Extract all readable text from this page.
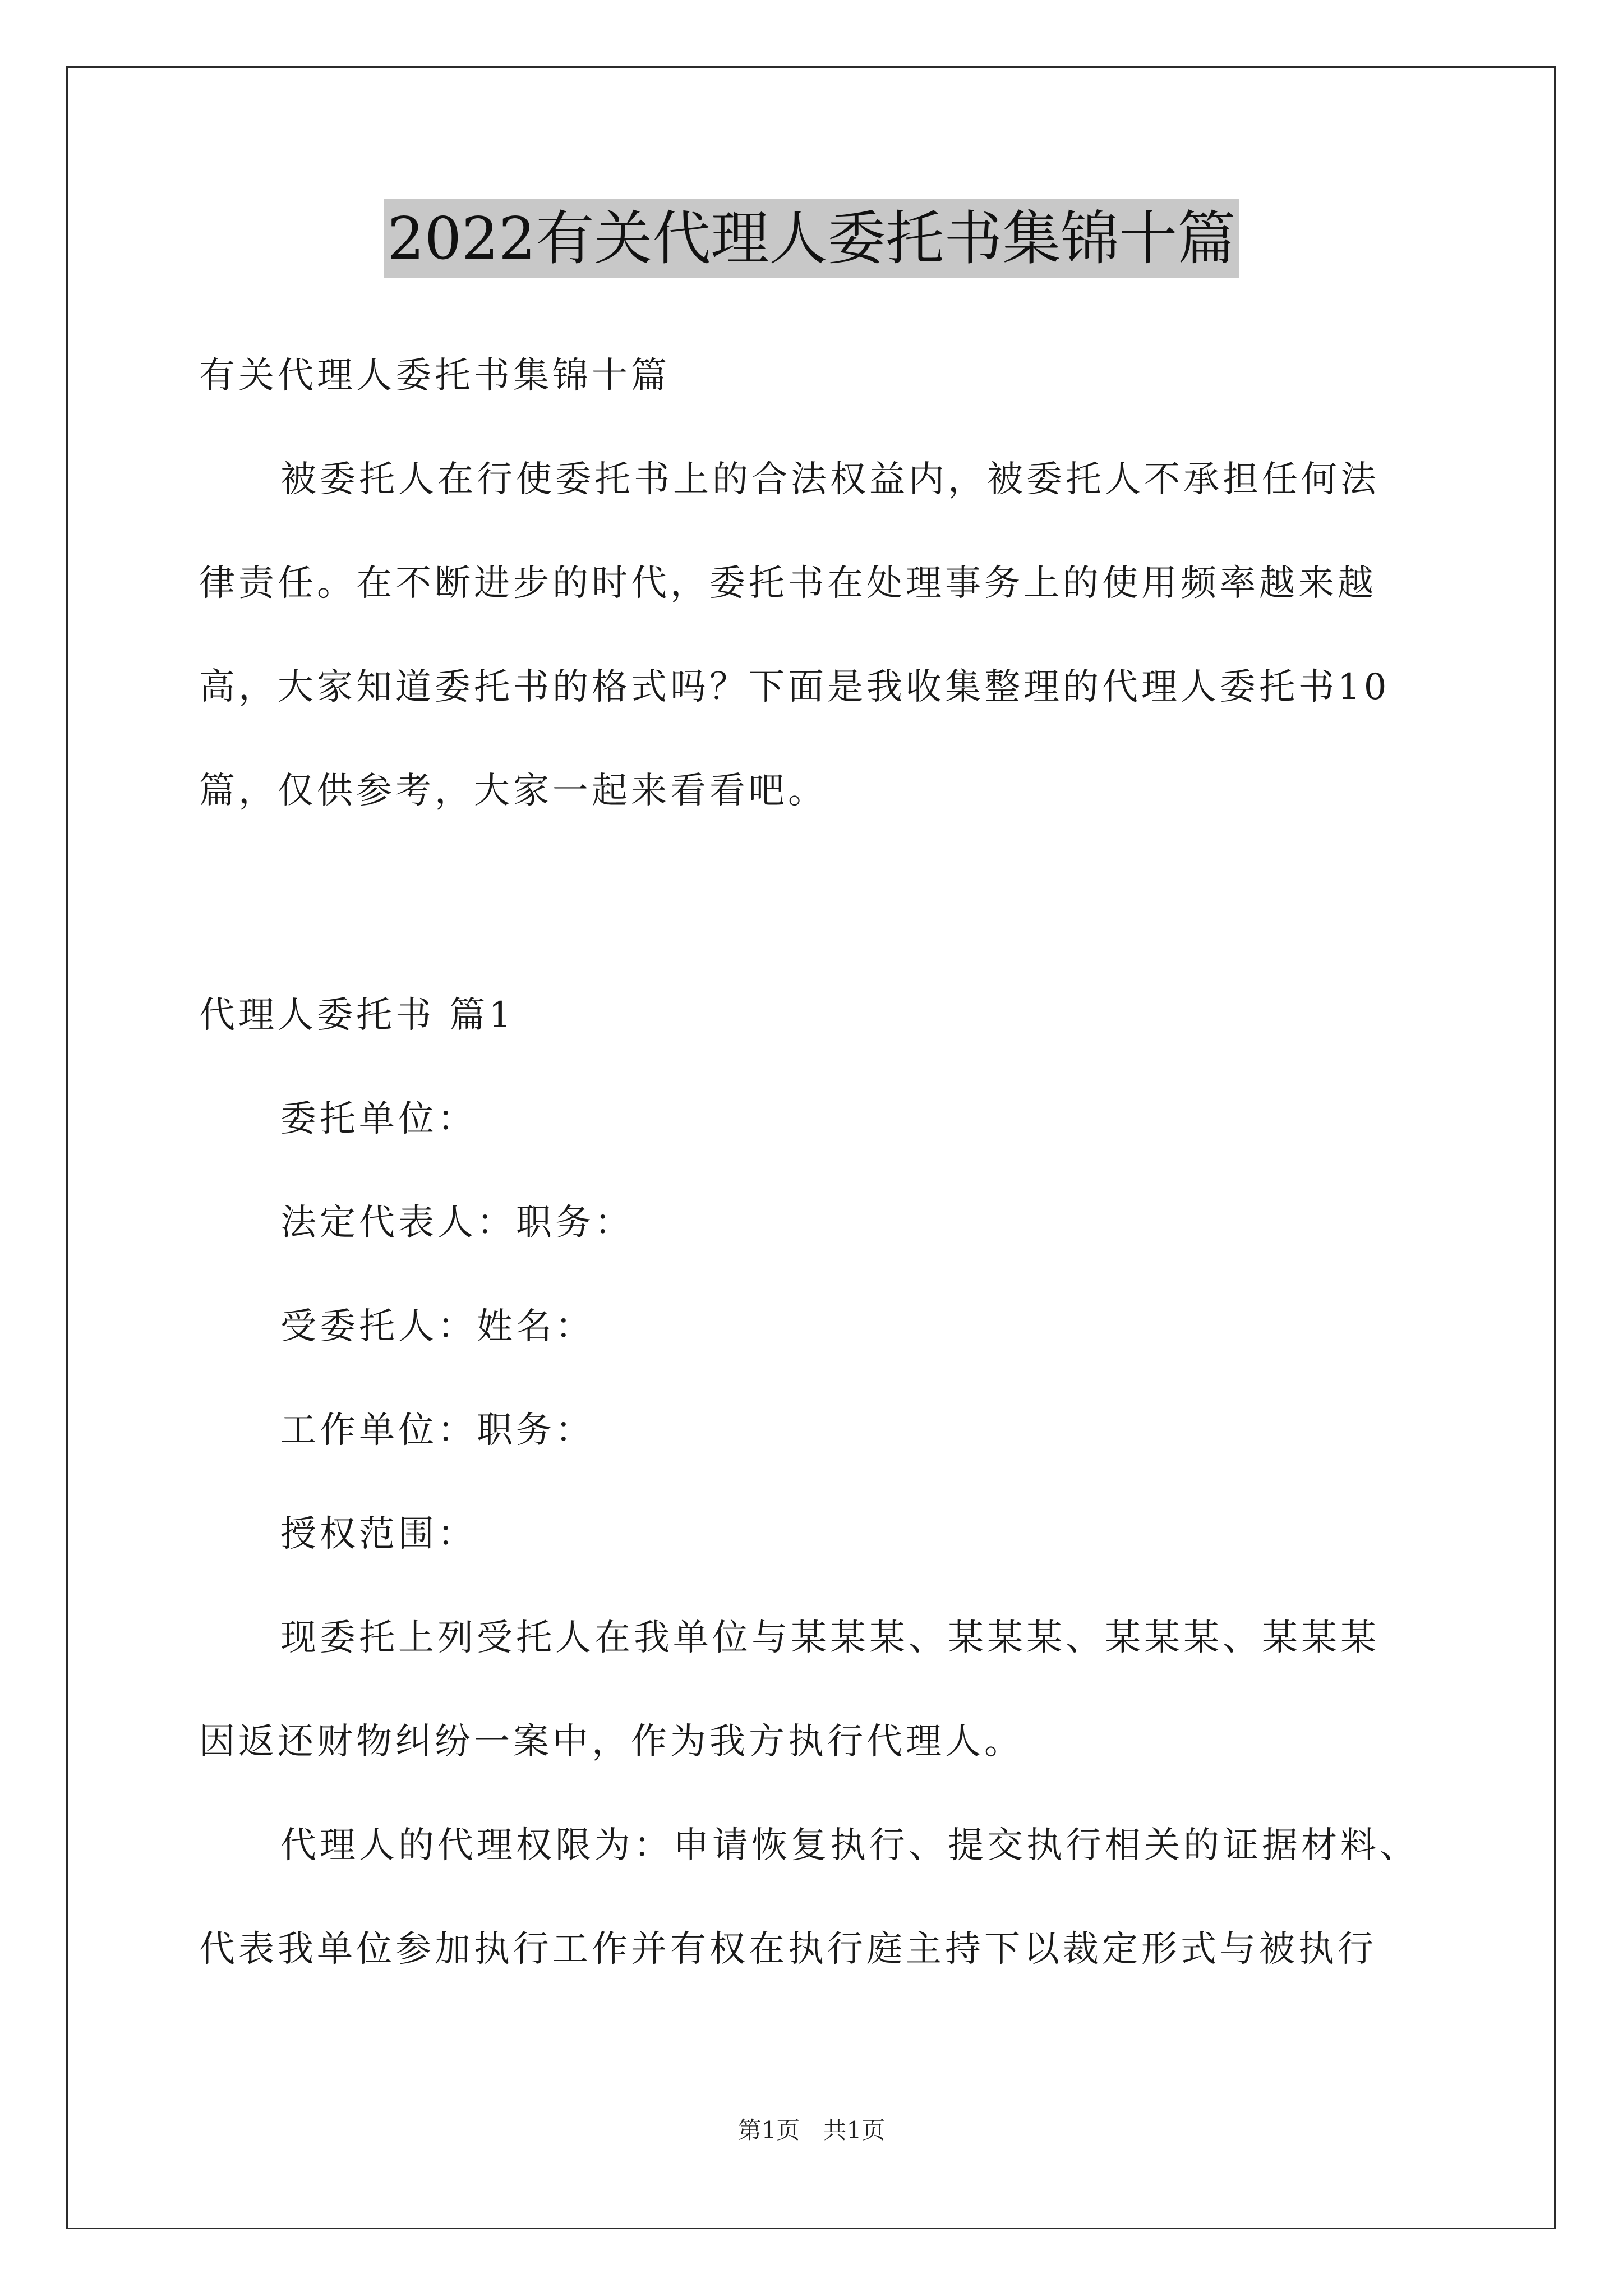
2022有关代理人委托书集锦十篇
有关代理人委托书集锦十篇
被委托人在行使委托书上的合法权益内，被委托人不承担任何法
律责任。在不断进步的时代，委托书在处理事务上的使用频率越来越
高，大家知道委托书的格式吗？下面是我收集整理的代理人委托书10
篇，仅供参考，大家一起来看看吧。
代理人委托书 篇1
委托单位：
法定代表人：职务：
受委托人：姓名：
工作单位：职务：
授权范围：
现委托上列受托人在我单位与某某某、某某某、某某某、某某某
因返还财物纠纷一案中，作为我方执行代理人。
代理人的代理权限为：申请恢复执行、提交执行相关的证据材料、
代表我单位参加执行工作并有权在执行庭主持下以裁定形式与被执行
第1页 共1页
